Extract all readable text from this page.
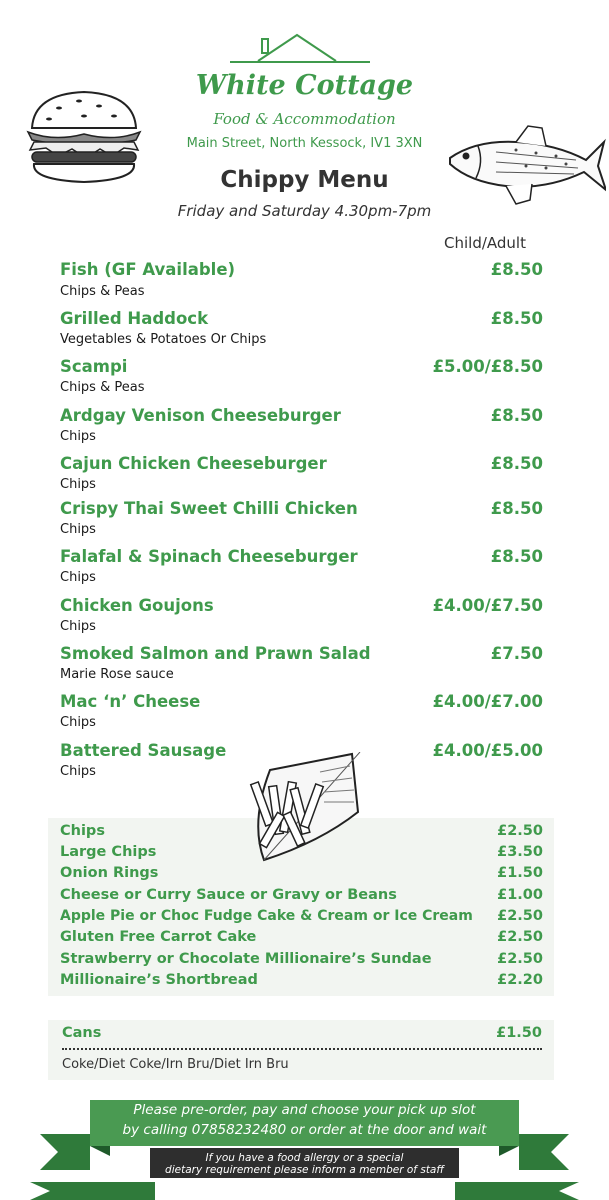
White Cottage
Food & Accommodation
Main Street, North Kessock, IV1 3XN
Chippy Menu
Friday and Saturday 4.30pm-7pm
Child/Adult
Fish (GF Available)	£8.50
Chips & Peas
Grilled Haddock	£8.50
Vegetables & Potatoes Or Chips
Scampi	£5.00/£8.50
Chips & Peas
Ardgay Venison Cheeseburger	£8.50
Chips
Cajun Chicken Cheeseburger	£8.50
Chips
Crispy Thai Sweet Chilli Chicken	£8.50
Chips
Falafal & Spinach Cheeseburger	£8.50
Chips
Chicken Goujons	£4.00/£7.50
Chips
Smoked Salmon and Prawn Salad	£7.50
Marie Rose sauce
Mac ‘n’ Cheese	£4.00/£7.00
Chips
Battered Sausage	£4.00/£5.00
Chips
Chips	£2.50
Large Chips	£3.50
Onion Rings	£1.50
Cheese or Curry Sauce or Gravy or Beans	£1.00
Apple Pie or Choc Fudge Cake & Cream or Ice Cream £2.50
Gluten Free Carrot Cake	£2.50
Strawberry or Chocolate Millionaire’s Sundae	£2.50
Millionaire’s Shortbread	£2.20
Cans	£1.50
Coke/Diet Coke/Irn Bru/Diet Irn Bru
Please pre-order, pay and choose your pick up slot
by calling 07858232480 or order at the door and wait
If you have a food allergy or a special
dietary requirement please inform a member of staff
